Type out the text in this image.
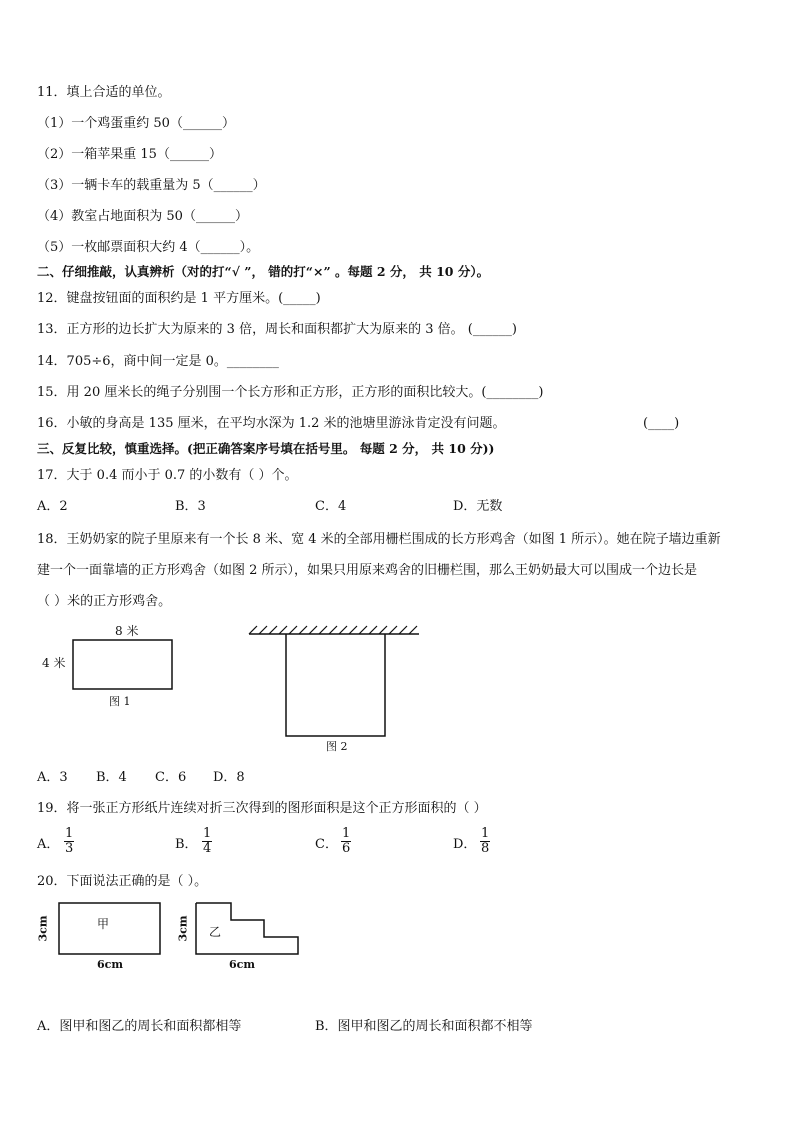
11．填上合适的单位。
（1）一个鸡蛋重约 50（______）
（2）一箱苹果重 15（______）
（3）一辆卡车的载重量为 5（______）
（4）教室占地面积为 50（______）
（5）一枚邮票面积大约 4（______）。
二、仔细推敲，认真辨析（对的打“√ ”， 错的打“×” 。每题 2 分， 共 10 分）。
12．键盘按钮面的面积约是 1 平方厘米。(_____)
13．正方形的边长扩大为原来的 3 倍，周长和面积都扩大为原来的 3 倍。 (______)
14．705÷6，商中间一定是 0。________
15．用 20 厘米长的绳子分别围一个长方形和正方形，正方形的面积比较大。(________)
16．小敏的身高是 135 厘米，在平均水深为 1.2 米的池塘里游泳肯定没有问题。	(____)
三、反复比较，慎重选择。(把正确答案序号填在括号里。 每题 2 分， 共 10 分))
17．大于 0.4 而小于 0.7 的小数有（ ）个。
A．2	B．3	C．4	D．无数
18．王奶奶家的院子里原来有一个长 8 米、宽 4 米的全部用栅栏围成的长方形鸡舍（如图 1 所示）。她在院子墙边重新
建一个一面靠墙的正方形鸡舍（如图 2 所示），如果只用原来鸡舍的旧栅栏围，那么王奶奶最大可以围成一个边长是
（ ）米的正方形鸡舍。
8 米
4 米
图 1
图 2
A．3 B．4 C．6 D．8
19．将一张正方形纸片连续对折三次得到的图形面积是这个正方形面积的（ ）
A． $\frac{1}{3}$	B． $\frac{1}{4}$	C． $\frac{1}{6}$	D． $\frac{1}{8}$
20．下面说法正确的是（ ）。
甲
3cm
6cm
乙
3cm
6cm
A．图甲和图乙的周长和面积都相等	B．图甲和图乙的周长和面积都不相等
